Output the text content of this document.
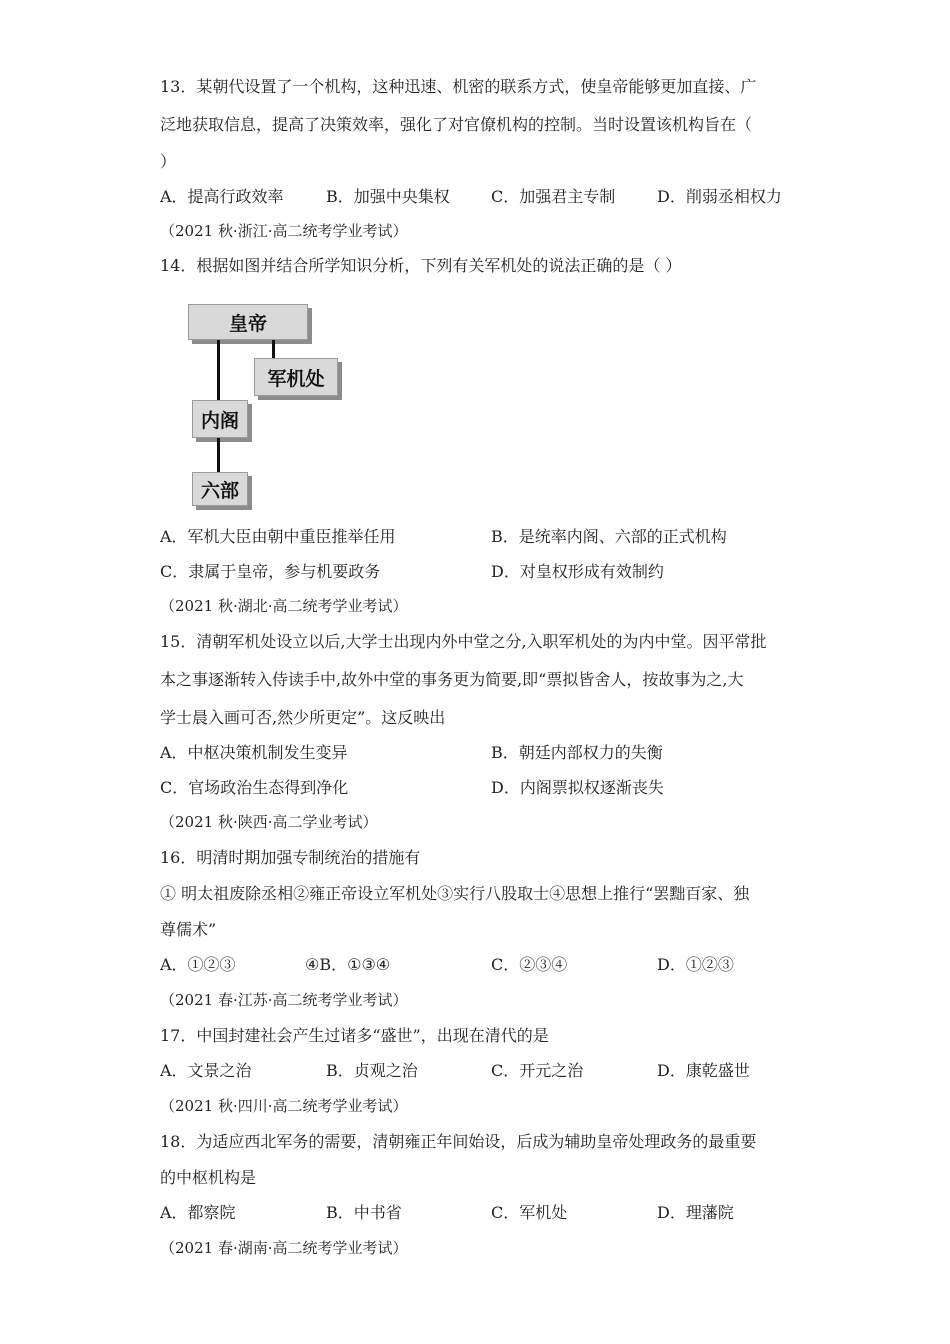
13．某朝代设置了一个机构，这种迅速、机密的联系方式，使皇帝能够更加直接、广
泛地获取信息，提高了决策效率，强化了对官僚机构的控制。当时设置该机构旨在（
）
A．提高行政效率	B．加强中央集权	C．加强君主专制	D．削弱丞相权力
（2021 秋·浙江·高二统考学业考试）
14．根据如图并结合所学知识分析，下列有关军机处的说法正确的是（ ）
皇帝
军机处
内阁
六部
A．军机大臣由朝中重臣推举任用	B．是统率内阁、六部的正式机构
C．隶属于皇帝，参与机要政务	D．对皇权形成有效制约
（2021 秋·湖北·高二统考学业考试）
15．清朝军机处设立以后,大学士出现内外中堂之分,入职军机处的为内中堂。因平常批
本之事逐渐转入侍读手中,故外中堂的事务更为简要,即“票拟皆舍人，按故事为之,大
学士晨入画可否,然少所更定”。这反映出
A．中枢决策机制发生变异	B．朝廷内部权力的失衡
C．官场政治生态得到净化	D．内阁票拟权逐渐丧失
（2021 秋·陕西·高二学业考试）
16．明清时期加强专制统治的措施有
① 明太祖废除丞相②雍正帝设立军机处③实行八股取士④思想上推行“罢黜百家、独
尊儒术”
A．①②③	④B．①③④	C．②③④	D．①②③
（2021 春·江苏·高二统考学业考试）
17．中国封建社会产生过诸多“盛世”，出现在清代的是
A．文景之治	B．贞观之治	C．开元之治	D．康乾盛世
（2021 秋·四川·高二统考学业考试）
18．为适应西北军务的需要，清朝雍正年间始设，后成为辅助皇帝处理政务的最重要
的中枢机构是
A．都察院	B．中书省	C．军机处	D．理藩院
（2021 春·湖南·高二统考学业考试）
